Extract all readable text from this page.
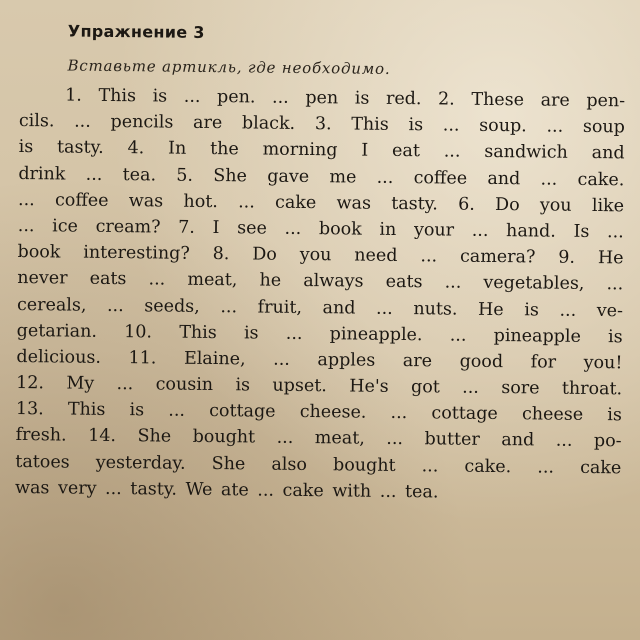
Упражнение 3
Вставьте артикль, где необходимо.
1. This is ... pen. ... pen is red. 2. These are pen-
cils. ... pencils are black. 3. This is ... soup. ... soup
is tasty. 4. In the morning I eat ... sandwich and
drink ... tea. 5. She gave me ... coffee and ... cake.
... coffee was hot. ... cake was tasty. 6. Do you like
... ice cream? 7. I see ... book in your ... hand. Is ...
book interesting? 8. Do you need ... camera? 9. He
never eats ... meat, he always eats ... vegetables, ...
cereals, ... seeds, ... fruit, and ... nuts. He is ... ve-
getarian. 10. This is ... pineapple. ... pineapple is
delicious. 11. Elaine, ... apples are good for you!
12. My ... cousin is upset. He's got ... sore throat.
13. This is ... cottage cheese. ... cottage cheese is
fresh. 14. She bought ... meat, ... butter and ... po-
tatoes yesterday. She also bought ... cake. ... cake
was very ... tasty. We ate ... cake with ... tea.
